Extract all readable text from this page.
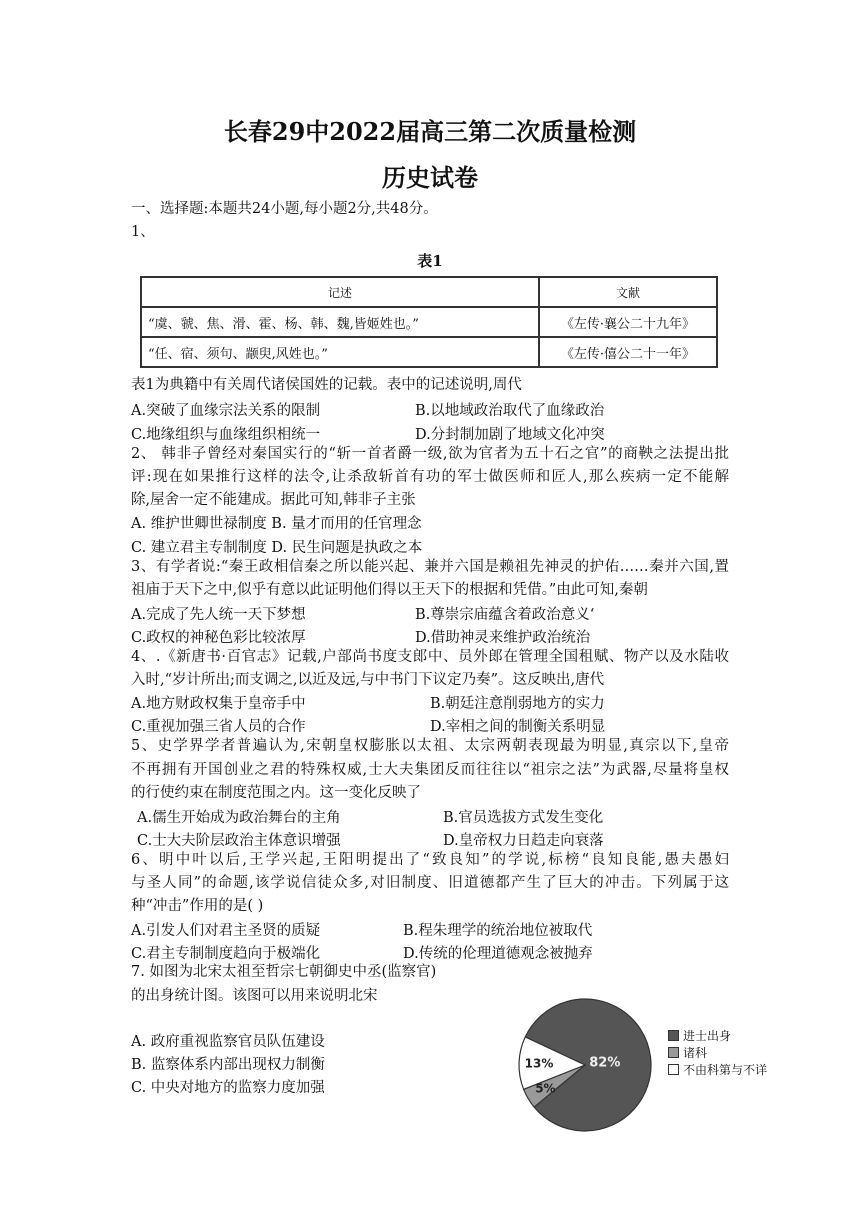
长春29中2022届高三第二次质量检测
历史试卷
一、选择题:本题共24小题,每小题2分,共48分。
1、
表1
记述	文献
“虞、虢、焦、滑、霍、杨、韩、魏,皆姬姓也。”	《左传·襄公二十九年》
“任、宿、须句、颛臾,风姓也。”	《左传·僖公二十一年》
表1为典籍中有关周代诸侯国姓的记载。表中的记述说明,周代
A.突破了血缘宗法关系的限制	B.以地域政治取代了血缘政治
C.地缘组织与血缘组织相统一	D.分封制加剧了地域文化冲突
2、 韩非子曾经对秦国实行的“斩一首者爵一级,欲为官者为五十石之官”的商鞅之法提出批
评:现在如果推行这样的法令,让杀敌斩首有功的军士做医师和匠人,那么疾病一定不能解
除,屋舍一定不能建成。据此可知,韩非子主张
A. 维护世卿世禄制度 B. 量才而用的任官理念
C. 建立君主专制制度 D. 民生问题是执政之本
3、有学者说:“秦王政相信秦之所以能兴起、兼并六国是赖祖先神灵的护佑……秦并六国,置
祖庙于天下之中,似乎有意以此证明他们得以王天下的根据和凭借。”由此可知,秦朝
A.完成了先人统一天下梦想	B.尊崇宗庙蕴含着政治意义‘
C.政权的神秘色彩比较浓厚	D.借助神灵来维护政治统治
4、.《新唐书·百官志》记载,户部尚书度支郎中、员外郎在管理全国租赋、物产以及水陆收
入时,“岁计所出;而支调之,以近及远,与中书门下议定乃奏”。这反映出,唐代
A.地方财政权集于皇帝手中	B.朝廷注意削弱地方的实力
C.重视加强三省人员的合作	D.宰相之间的制衡关系明显
5、史学界学者普遍认为,宋朝皇权膨胀以太祖、太宗两朝表现最为明显,真宗以下,皇帝
不再拥有开国创业之君的特殊权威,士大夫集团反而往往以“祖宗之法”为武器,尽量将皇权
的行使约束在制度范围之内。这一变化反映了
A.儒生开始成为政治舞台的主角	B.官员选拔方式发生变化
C.士大夫阶层政治主体意识增强	D.皇帝权力日趋走向衰落
6、明中叶以后,王学兴起,王阳明提出了“致良知”的学说,标榜“良知良能,愚夫愚妇
与圣人同”的命题,该学说信徒众多,对旧制度、旧道德都产生了巨大的冲击。下列属于这
种“冲击”作用的是( )
A.引发人们对君主圣贤的质疑	B.程朱理学的统治地位被取代
C.君主专制制度趋向于极端化	D.传统的伦理道德观念被抛弃
7. 如图为北宋太祖至哲宗七朝御史中丞(监察官)
的出身统计图。该图可以用来说明北宋
A. 政府重视监察官员队伍建设
B. 监察体系内部出现权力制衡
C. 中央对地方的监察力度加强
82%
5%
13%
进士出身
诸科
不由科第与不详
